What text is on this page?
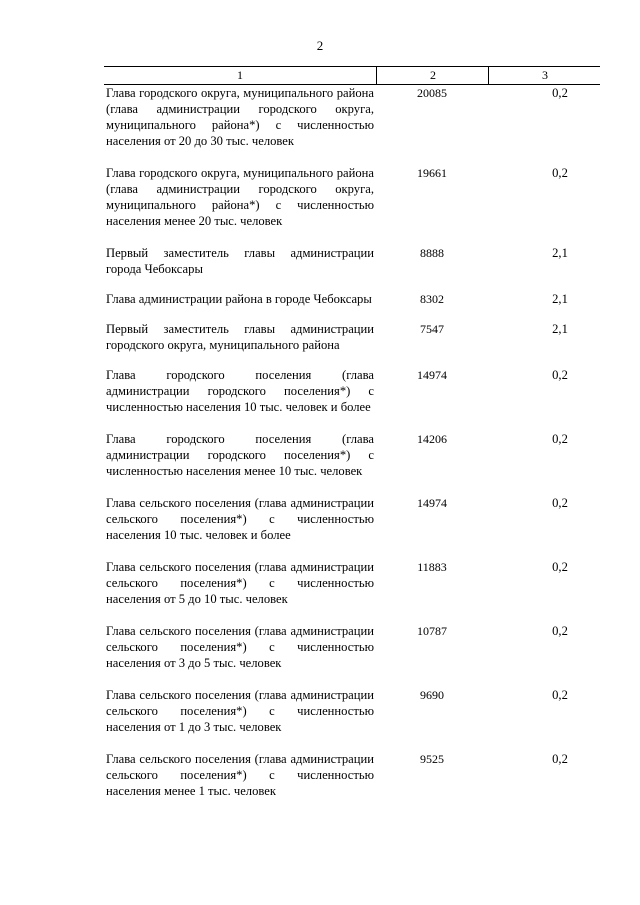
2
1	2	3
Глава городского округа, муниципального района (глава администрации городского округа, муниципального района*) с численностью населения от 20 до 30 тыс. человек
20085	0,2
Глава городского округа, муниципального района (глава администрации городского округа, муниципального района*) с численностью населения менее 20 тыс. человек
19661	0,2
Первый заместитель главы администрации города Чебоксары
8888	2,1
Глава администрации района в городе Чебоксары	8302	2,1
Первый заместитель главы администрации городского округа, муниципального района
7547	2,1
Глава городского поселения (глава администрации городского поселения*) с численностью населения 10 тыс. человек и более
14974	0,2
Глава городского поселения (глава администрации городского поселения*) с численностью населения менее 10 тыс. человек
14206	0,2
Глава сельского поселения (глава администрации сельского поселения*) с численностью населения 10 тыс. человек и более
14974	0,2
Глава сельского поселения (глава администрации сельского поселения*) с численностью населения от 5 до 10 тыс. человек
11883	0,2
Глава сельского поселения (глава администрации сельского поселения*) с численностью населения от 3 до 5 тыс. человек
10787	0,2
Глава сельского поселения (глава администрации сельского поселения*) с численностью населения от 1 до 3 тыс. человек
9690	0,2
Глава сельского поселения (глава администрации сельского поселения*) с численностью населения менее 1 тыс. человек
9525	0,2
